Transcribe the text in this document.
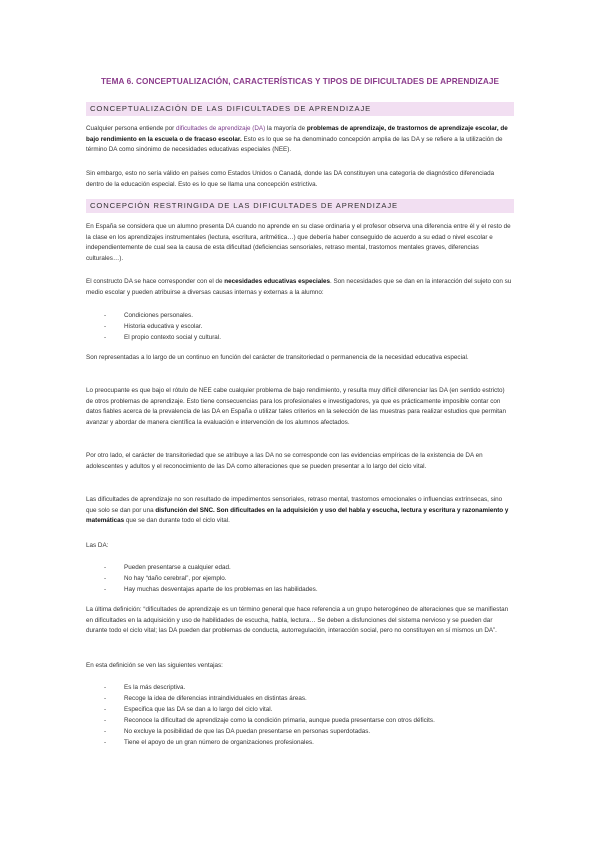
TEMA 6. CONCEPTUALIZACIÓN, CARACTERÍSTICAS Y TIPOS DE DIFICULTADES DE APRENDIZAJE
CONCEPTUALIZACIÓN DE LAS DIFICULTADES DE APRENDIZAJE
Cualquier persona entiende por dificultades de aprendizaje (DA) la mayoría de problemas de aprendizaje, de trastornos de aprendizaje escolar, de bajo rendimiento en la escuela o de fracaso escolar. Esto es lo que se ha denominado concepción amplia de las DA y se refiere a la utilización de término DA como sinónimo de necesidades educativas especiales (NEE).
Sin embargo, esto no sería válido en países como Estados Unidos o Canadá, donde las DA constituyen una categoría de diagnóstico diferenciada dentro de la educación especial. Esto es lo que se llama una concepción estrictiva.
CONCEPCIÓN RESTRINGIDA DE LAS DIFICULTADES DE APRENDIZAJE
En España se considera que un alumno presenta DA cuando no aprende en su clase ordinaria y el profesor observa una diferencia entre él y el resto de la clase en los aprendizajes instrumentales (lectura, escritura, aritmética…) que debería haber conseguido de acuerdo a su edad o nivel escolar e independientemente de cual sea la causa de esta dificultad (deficiencias sensoriales, retraso mental, trastornos mentales graves, diferencias culturales…).
El constructo DA se hace corresponder con el de necesidades educativas especiales. Son necesidades que se dan en la interacción del sujeto con su medio escolar y pueden atribuirse a diversas causas internas y externas a la alumno:
-	Condiciones personales.
-	Historia educativa y escolar.
-	El propio contexto social y cultural.
Son representadas a lo largo de un continuo en función del carácter de transitoriedad o permanencia de la necesidad educativa especial.
Lo preocupante es que bajo el rótulo de NEE cabe cualquier problema de bajo rendimiento, y resulta muy difícil diferenciar las DA (en sentido estricto) de otros problemas de aprendizaje. Esto tiene consecuencias para los profesionales e investigadores, ya que es prácticamente imposible contar con datos fiables acerca de la prevalencia de las DA en España o utilizar tales criterios en la selección de las muestras para realizar estudios que permitan avanzar y abordar de manera científica la evaluación e intervención de los alumnos afectados.
Por otro lado, el carácter de transitoriedad que se atribuye a las DA no se corresponde con las evidencias empíricas de la existencia de DA en adolescentes y adultos y el reconocimiento de las DA como alteraciones que se pueden presentar a lo largo del ciclo vital.
Las dificultades de aprendizaje no son resultado de impedimentos sensoriales, retraso mental, trastornos emocionales o influencias extrínsecas, sino que solo se dan por una disfunción del SNC. Son dificultades en la adquisición y uso del habla y escucha, lectura y escritura y razonamiento y matemáticas que se dan durante todo el ciclo vital.
Las DA:
-	Pueden presentarse a cualquier edad.
-	No hay “daño cerebral”, por ejemplo.
-	Hay muchas desventajas aparte de los problemas en las habilidades.
La última definición: “dificultades de aprendizaje es un término general que hace referencia a un grupo heterogéneo de alteraciones que se manifiestan en dificultades en la adquisición y uso de habilidades de escucha, habla, lectura… Se deben a disfunciones del sistema nervioso y se pueden dar durante todo el ciclo vital; las DA pueden dar problemas de conducta, autorregulación, interacción social, pero no constituyen en sí mismos un DA”.
En esta definición se ven las siguientes ventajas:
-	Es la más descriptiva.
-	Recoge la idea de diferencias intraindividuales en distintas áreas.
-	Especifica que las DA se dan a lo largo del ciclo vital.
-	Reconoce la dificultad de aprendizaje como la condición primaria, aunque pueda presentarse con otros déficits.
-	No excluye la posibilidad de que las DA puedan presentarse en personas superdotadas.
-	Tiene el apoyo de un gran número de organizaciones profesionales.
